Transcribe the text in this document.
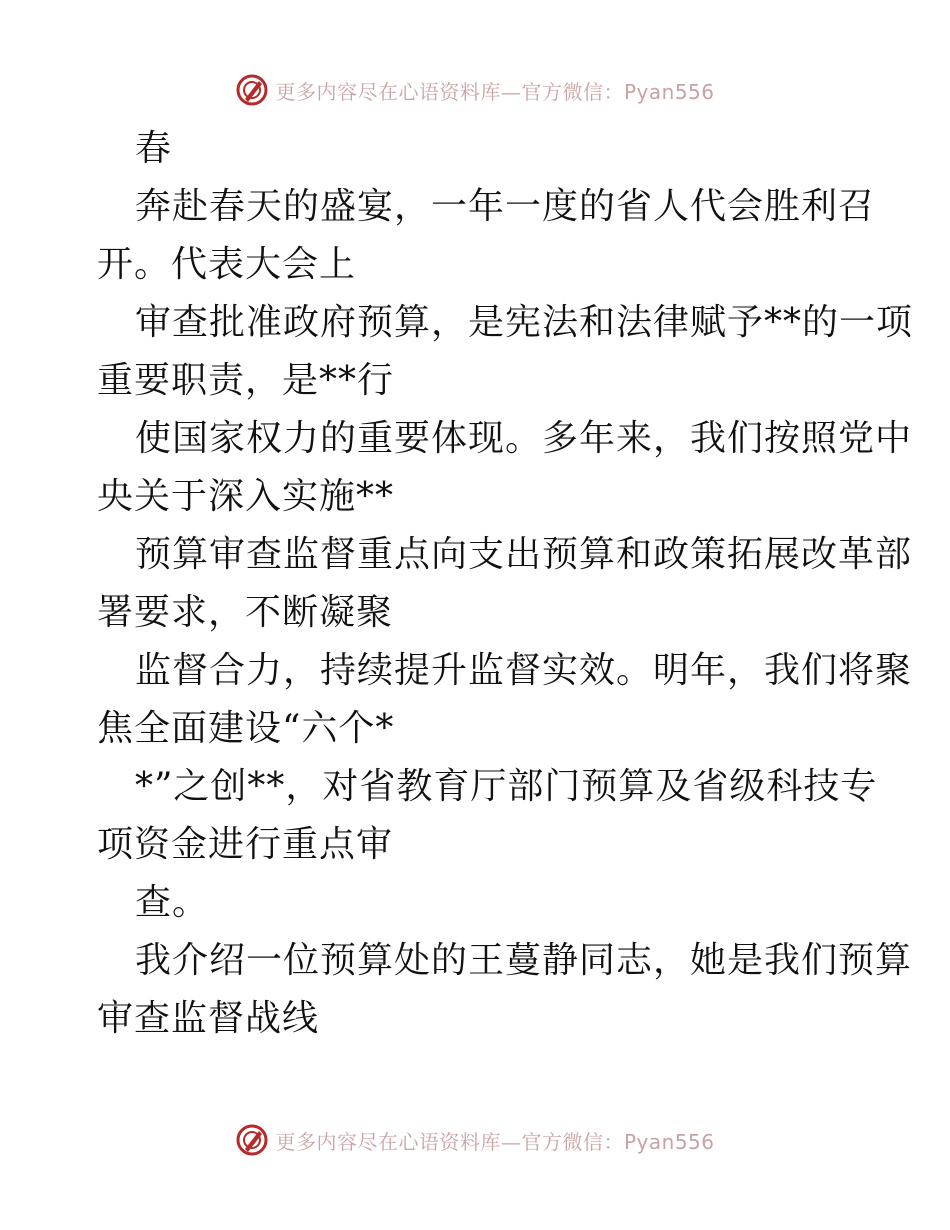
更多内容尽在心语资料库—官方微信：Pyan556
春
奔赴春天的盛宴，一年一度的省人代会胜利召
开。代表大会上
审查批准政府预算，是宪法和法律赋予**的一项
重要职责，是**行
使国家权力的重要体现。多年来，我们按照党中
央关于深入实施**
预算审查监督重点向支出预算和政策拓展改革部
署要求，不断凝聚
监督合力，持续提升监督实效。明年，我们将聚
焦全面建设“六个*
*”之创**，对省教育厅部门预算及省级科技专
项资金进行重点审
查。
我介绍一位预算处的王蔓静同志，她是我们预算
审查监督战线
更多内容尽在心语资料库—官方微信：Pyan556
